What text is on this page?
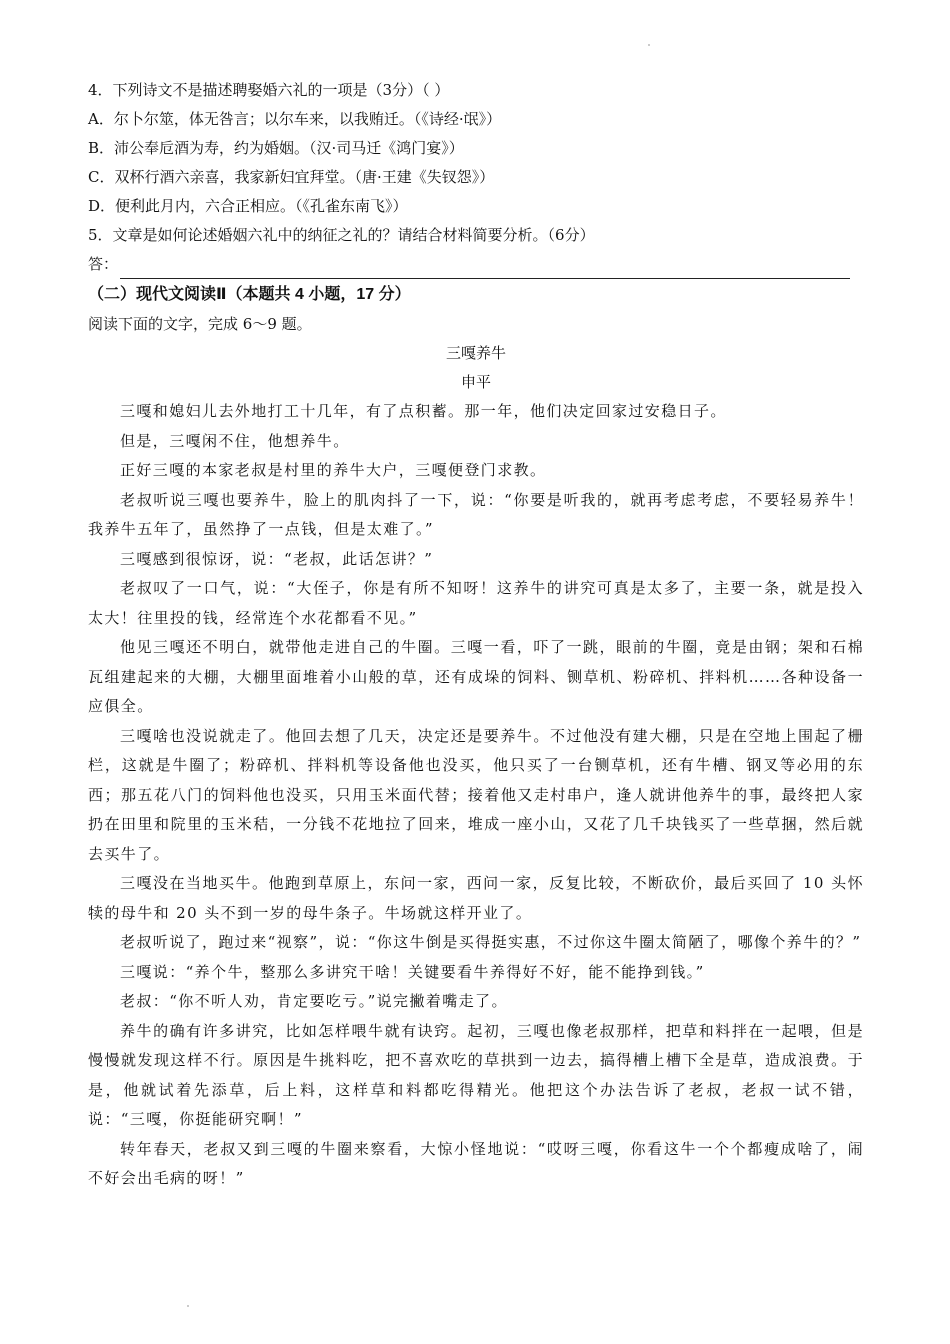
4．下列诗文不是描述聘娶婚六礼的一项是（3分）（ ）
A．尔卜尔筮，体无咎言；以尔车来，以我贿迁。（《诗经·氓》）
B．沛公奉卮酒为寿，约为婚姻。（汉·司马迁《鸿门宴》）
C．双杯行酒六亲喜，我家新妇宜拜堂。（唐·王建《失钗怨》）
D．便利此月内，六合正相应。（《孔雀东南飞》）
5．文章是如何论述婚姻六礼中的纳征之礼的？请结合材料简要分析。（6分）
答：
（二）现代文阅读Ⅱ（本题共 4 小题，17 分）
阅读下面的文字，完成 6～9 题。
三嘎养牛
申平
三嘎和媳妇儿去外地打工十几年，有了点积蓄。那一年，他们决定回家过安稳日子。
但是，三嘎闲不住，他想养牛。
正好三嘎的本家老叔是村里的养牛大户，三嘎便登门求教。
老叔听说三嘎也要养牛，脸上的肌肉抖了一下，说：“你要是听我的，就再考虑考虑，不要轻易养牛！我养牛五年了，虽然挣了一点钱，但是太难了。”
三嘎感到很惊讶，说：“老叔，此话怎讲？”
老叔叹了一口气，说：“大侄子，你是有所不知呀！这养牛的讲究可真是太多了，主要一条，就是投入太大！往里投的钱，经常连个水花都看不见。”
他见三嘎还不明白，就带他走进自己的牛圈。三嘎一看，吓了一跳，眼前的牛圈，竟是由钢；架和石棉瓦组建起来的大棚，大棚里面堆着小山般的草，还有成垛的饲料、铡草机、粉碎机、拌料机……各种设备一应俱全。
三嘎啥也没说就走了。他回去想了几天，决定还是要养牛。不过他没有建大棚，只是在空地上围起了栅栏，这就是牛圈了；粉碎机、拌料机等设备他也没买，他只买了一台铡草机，还有牛槽、钢叉等必用的东西；那五花八门的饲料他也没买，只用玉米面代替；接着他又走村串户，逢人就讲他养牛的事，最终把人家扔在田里和院里的玉米秸，一分钱不花地拉了回来，堆成一座小山，又花了几千块钱买了一些草捆，然后就去买牛了。
三嘎没在当地买牛。他跑到草原上，东问一家，西问一家，反复比较，不断砍价，最后买回了 10 头怀犊的母牛和 20 头不到一岁的母牛条子。牛场就这样开业了。
老叔听说了，跑过来“视察”，说：“你这牛倒是买得挺实惠，不过你这牛圈太简陋了，哪像个养牛的？”
三嘎说：“养个牛，整那么多讲究干啥！关键要看牛养得好不好，能不能挣到钱。”
老叔：“你不听人劝，肯定要吃亏。”说完撇着嘴走了。
养牛的确有许多讲究，比如怎样喂牛就有诀窍。起初，三嘎也像老叔那样，把草和料拌在一起喂，但是慢慢就发现这样不行。原因是牛挑料吃，把不喜欢吃的草拱到一边去，搞得槽上槽下全是草，造成浪费。于是，他就试着先添草，后上料，这样草和料都吃得精光。他把这个办法告诉了老叔，老叔一试不错，说：“三嘎，你挺能研究啊！”
转年春天，老叔又到三嘎的牛圈来察看，大惊小怪地说：“哎呀三嘎，你看这牛一个个都瘦成啥了，闹不好会出毛病的呀！”
